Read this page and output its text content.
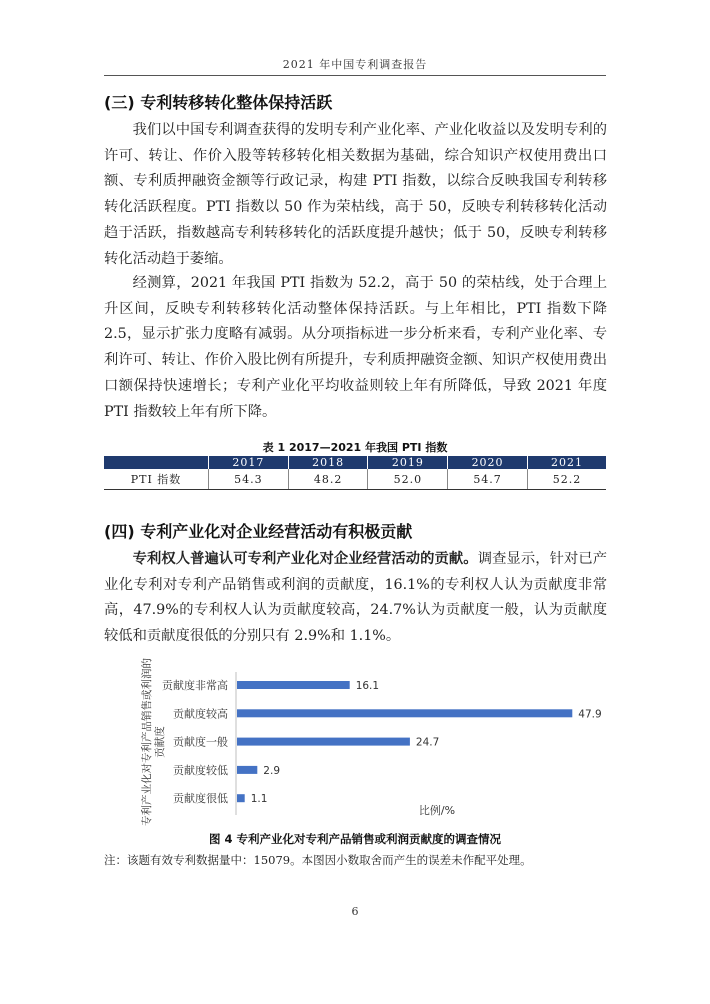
2021 年中国专利调查报告
(三) 专利转移转化整体保持活跃

我们以中国专利调查获得的发明专利产业化率、产业化收益以及发明专利的许可、转让、作价入股等转移转化相关数据为基础，综合知识产权使用费出口额、专利质押融资金额等行政记录，构建 PTI 指数，以综合反映我国专利转移转化活跃程度。PTI 指数以 50 作为荣枯线，高于 50，反映专利转移转化活动趋于活跃，指数越高专利转移转化的活跃度提升越快；低于 50，反映专利转移转化活动趋于萎缩。

经测算，2021 年我国 PTI 指数为 52.2，高于 50 的荣枯线，处于合理上升区间，反映专利转移转化活动整体保持活跃。与上年相比，PTI 指数下降 2.5，显示扩张力度略有减弱。从分项指标进一步分析来看，专利产业化率、专利许可、转让、作价入股比例有所提升，专利质押融资金额、知识产权使用费出口额保持快速增长；专利产业化平均收益则较上年有所降低，导致 2021 年度 PTI 指数较上年有所下降。

表 1 2017—2021 年我国 PTI 指数
	2017	2018	2019	2020	2021
PTI 指数	54.3	48.2	52.0	54.7	52.2
(四) 专利产业化对企业经营活动有积极贡献

专利权人普遍认可专利产业化对企业经营活动的贡献。调查显示，针对已产业化专利对专利产品销售或利润的贡献度，16.1%的专利权人认为贡献度非常高，47.9%的专利权人认为贡献度较高，24.7%认为贡献度一般，认为贡献度较低和贡献度很低的分别只有 2.9%和 1.1%。

专利产业化对专利产品销售或利润的 贡献度
贡献度非常高
贡献度较高
贡献度一般
贡献度较低
贡献度很低
16.1
47.9
24.7
2.9
1.1
比例/%
图 4 专利产业化对专利产品销售或利润贡献度的调查情况
注：该题有效专利数据量中：15079。本图因小数取舍而产生的误差未作配平处理。
6
